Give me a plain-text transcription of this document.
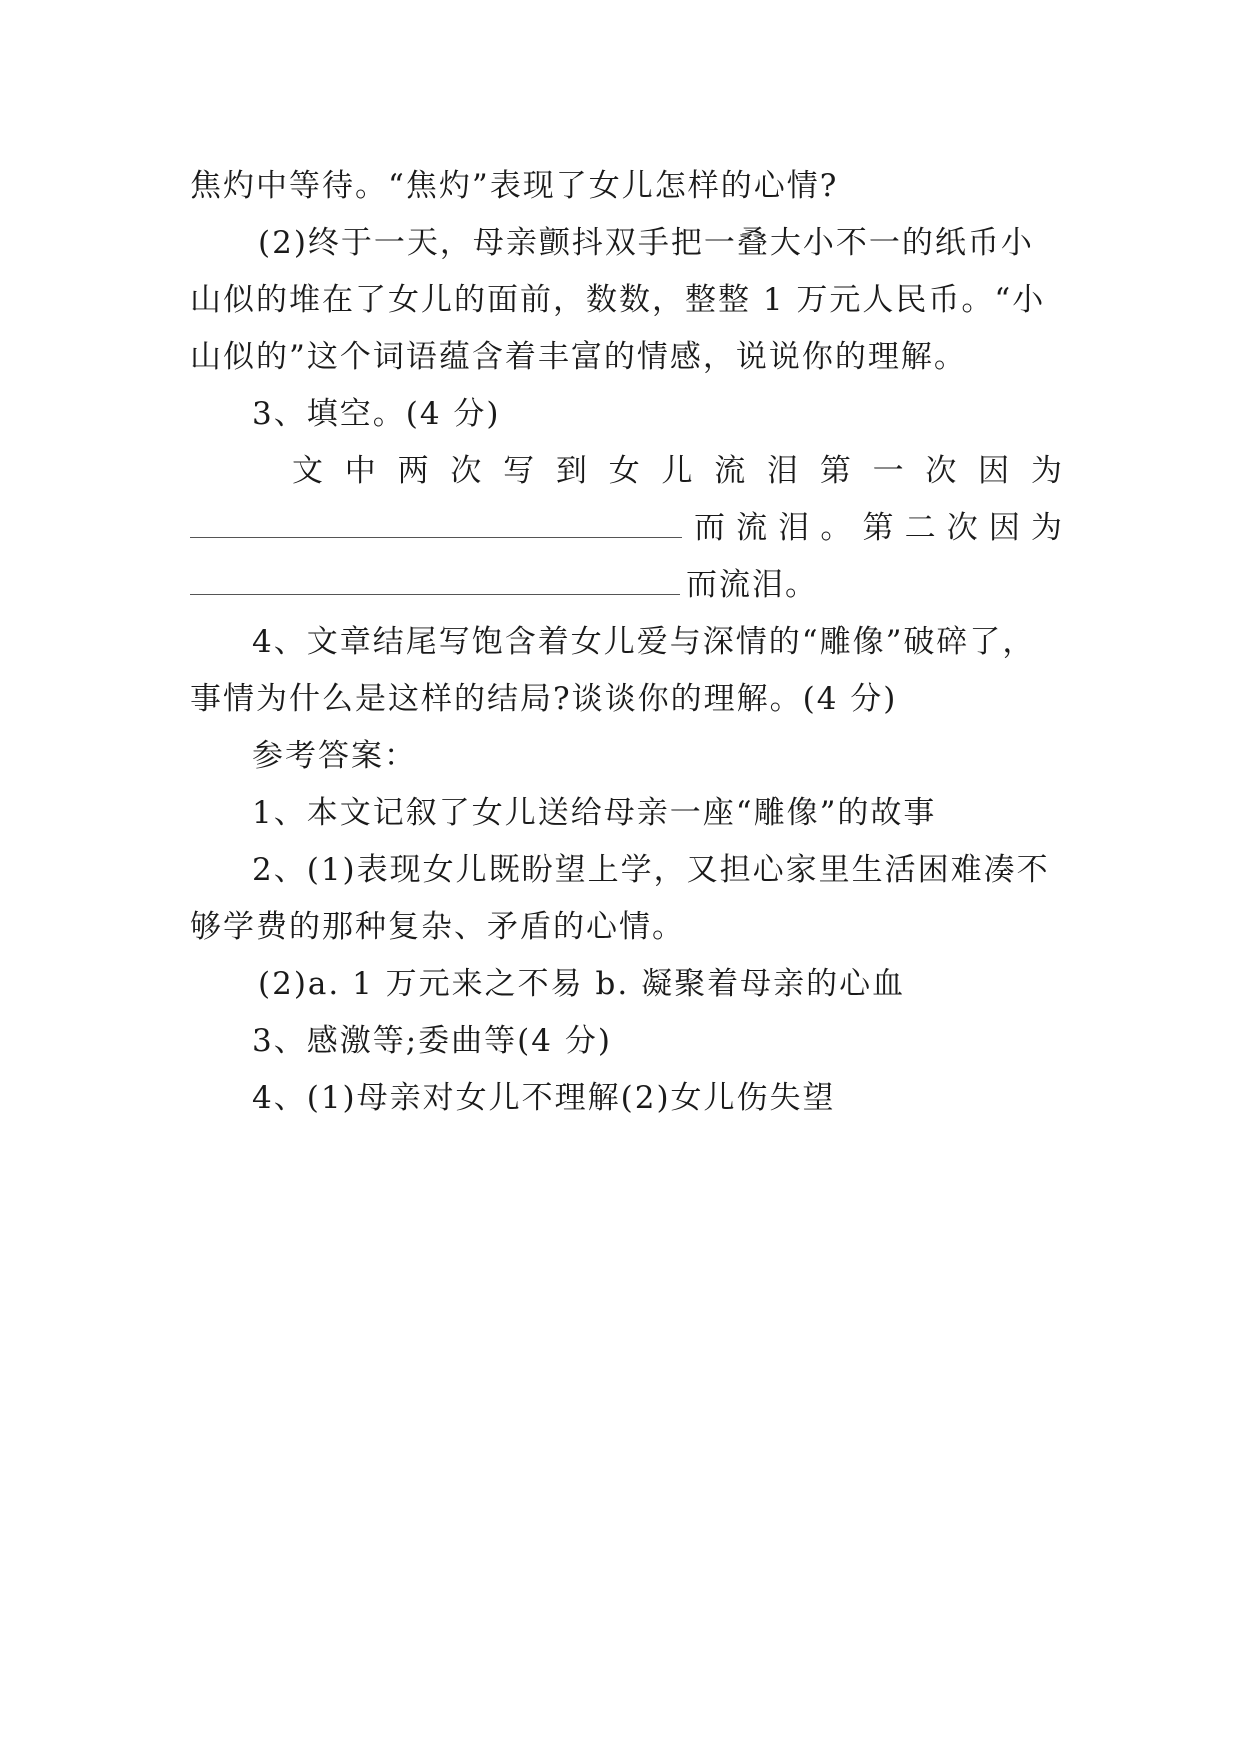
焦灼中等待。“焦灼”表现了女儿怎样的心情?
(2)终于一天，母亲颤抖双手把一叠大小不一的纸币小
山似的堆在了女儿的面前，数数，整整 1 万元人民币。“小
山似的”这个词语蕴含着丰富的情感，说说你的理解。
3、填空。(4 分)
文 中 两 次 写 到 女 儿 流 泪 第 一 次 因 为
而 流 泪 。 第 二 次 因 为
而流泪。
4、文章结尾写饱含着女儿爱与深情的“雕像”破碎了，
事情为什么是这样的结局?谈谈你的理解。(4 分)
参考答案：
1、本文记叙了女儿送给母亲一座“雕像”的故事
2、(1)表现女儿既盼望上学，又担心家里生活困难凑不
够学费的那种复杂、矛盾的心情。
(2)a. 1 万元来之不易 b. 凝聚着母亲的心血
3、感激等;委曲等(4 分)
4、(1)母亲对女儿不理解(2)女儿伤失望
